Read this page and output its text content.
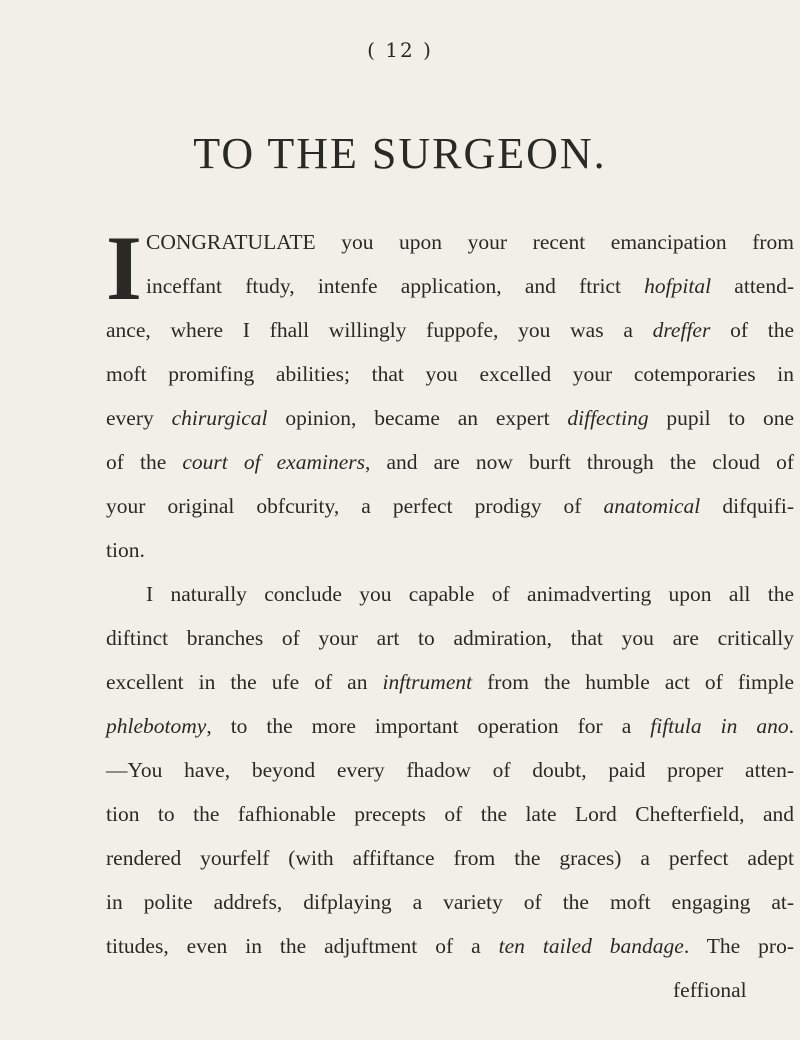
( 12 )
TO THE SURGEON.
I CONGRATULATE you upon your recent emancipation from
inceffant ftudy, intenfe application, and ftrict hofpital attend-
ance, where I fhall willingly fuppofe, you was a dreffer of the
moft promifing abilities; that you excelled your cotemporaries in
every chirurgical opinion, became an expert diffecting pupil to one
of the court of examiners, and are now burft through the cloud of
your original obfcurity, a perfect prodigy of anatomical difquifi-
tion.
I naturally conclude you capable of animadverting upon all the
diftinct branches of your art to admiration, that you are critically
excellent in the ufe of an inftrument from the humble act of fimple
phlebotomy, to the more important operation for a fiftula in ano.
—You have, beyond every fhadow of doubt, paid proper atten-
tion to the fafhionable precepts of the late Lord Chefterfield, and
rendered yourfelf (with affiftance from the graces) a perfect adept
in polite addrefs, difplaying a variety of the moft engaging at-
titudes, even in the adjuftment of a ten tailed bandage. The pro-
feffional
